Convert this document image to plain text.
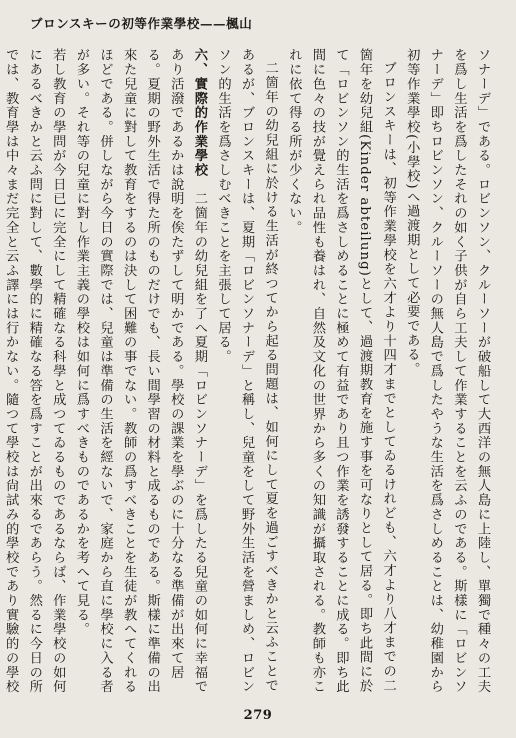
ブロンスキーの初等作業學校——楓山

ソナーデ」である。ロビンソン、クルーソーが破船して大西洋の無人島に上陸し、單獨で種々の工夫を爲し生活を爲したそれの如く子供が自ら工夫して作業することを云ふのである。斯樣に「ロビンソナーデ」即ちロビンソン、クルーソーの無人島で爲したやうな生活を爲さしめることは、幼稚園から初等作業學校(小學校)へ過渡期として必要である。

ブロンスキーは、初等作業學校を六才より十四才までとしてゐるけれども、六才より八才までの二箇年を幼兒組(Kinder abteilung)として、過渡期教育を施す事を可なりとして居る。即ち此間に於て「ロビンソン的生活を爲さしめることに極めて有益であり且つ作業を誘發することに成る。即ち此間に色々の技が覺えられ品性も養はれ、自然及文化の世界から多くの知識が攝取される。教師も亦これに依て得る所が少くない。

二箇年の幼兒組に於ける生活が終つてから起る問題は、如何にして夏を過ごすべきかと云ふことであるが、ブロンスキーは、夏期「ロビンソナーデ」と稱し、兒童をして野外生活を營ましめ、ロビンソン的生活を爲さしむべきことを主張して居る。

六、實際的作業學校　二箇年の幼兒組を了へ夏期「ロビンソナーデ」を爲したる兒童の如何に幸福であり活潑であるかは說明を俟たずして明かである。學校の課業を學ぶのに十分なる準備が出來て居る。夏期の野外生活で得た所のものだけでも、長い間學習の材料と成るものである。斯樣に準備の出來た兒童に對して教育をするのは決して困難の事でない。教師の爲すべきことを生徒が教へてくれるほどである。併しながら今日の實際では、兒童は準備の生活を經ないで、家庭から直に學校に入る者が多い。それ等の兒童に對し作業主義の學校は如何に爲すべきものであるかを考へて見る。

若し教育の學問が今日已に完全にして精確なる科學と成つてゐるものであるならば、作業學校の如何にあるべきかと云ふ問に對して、數學的に精確なる答を爲すことが出來るであらう。然るに今日の所では、教育學は中々まだ完全と云ふ譯には行かない。隨つて學校は尙試み的學校であり實驗的の學校

279
